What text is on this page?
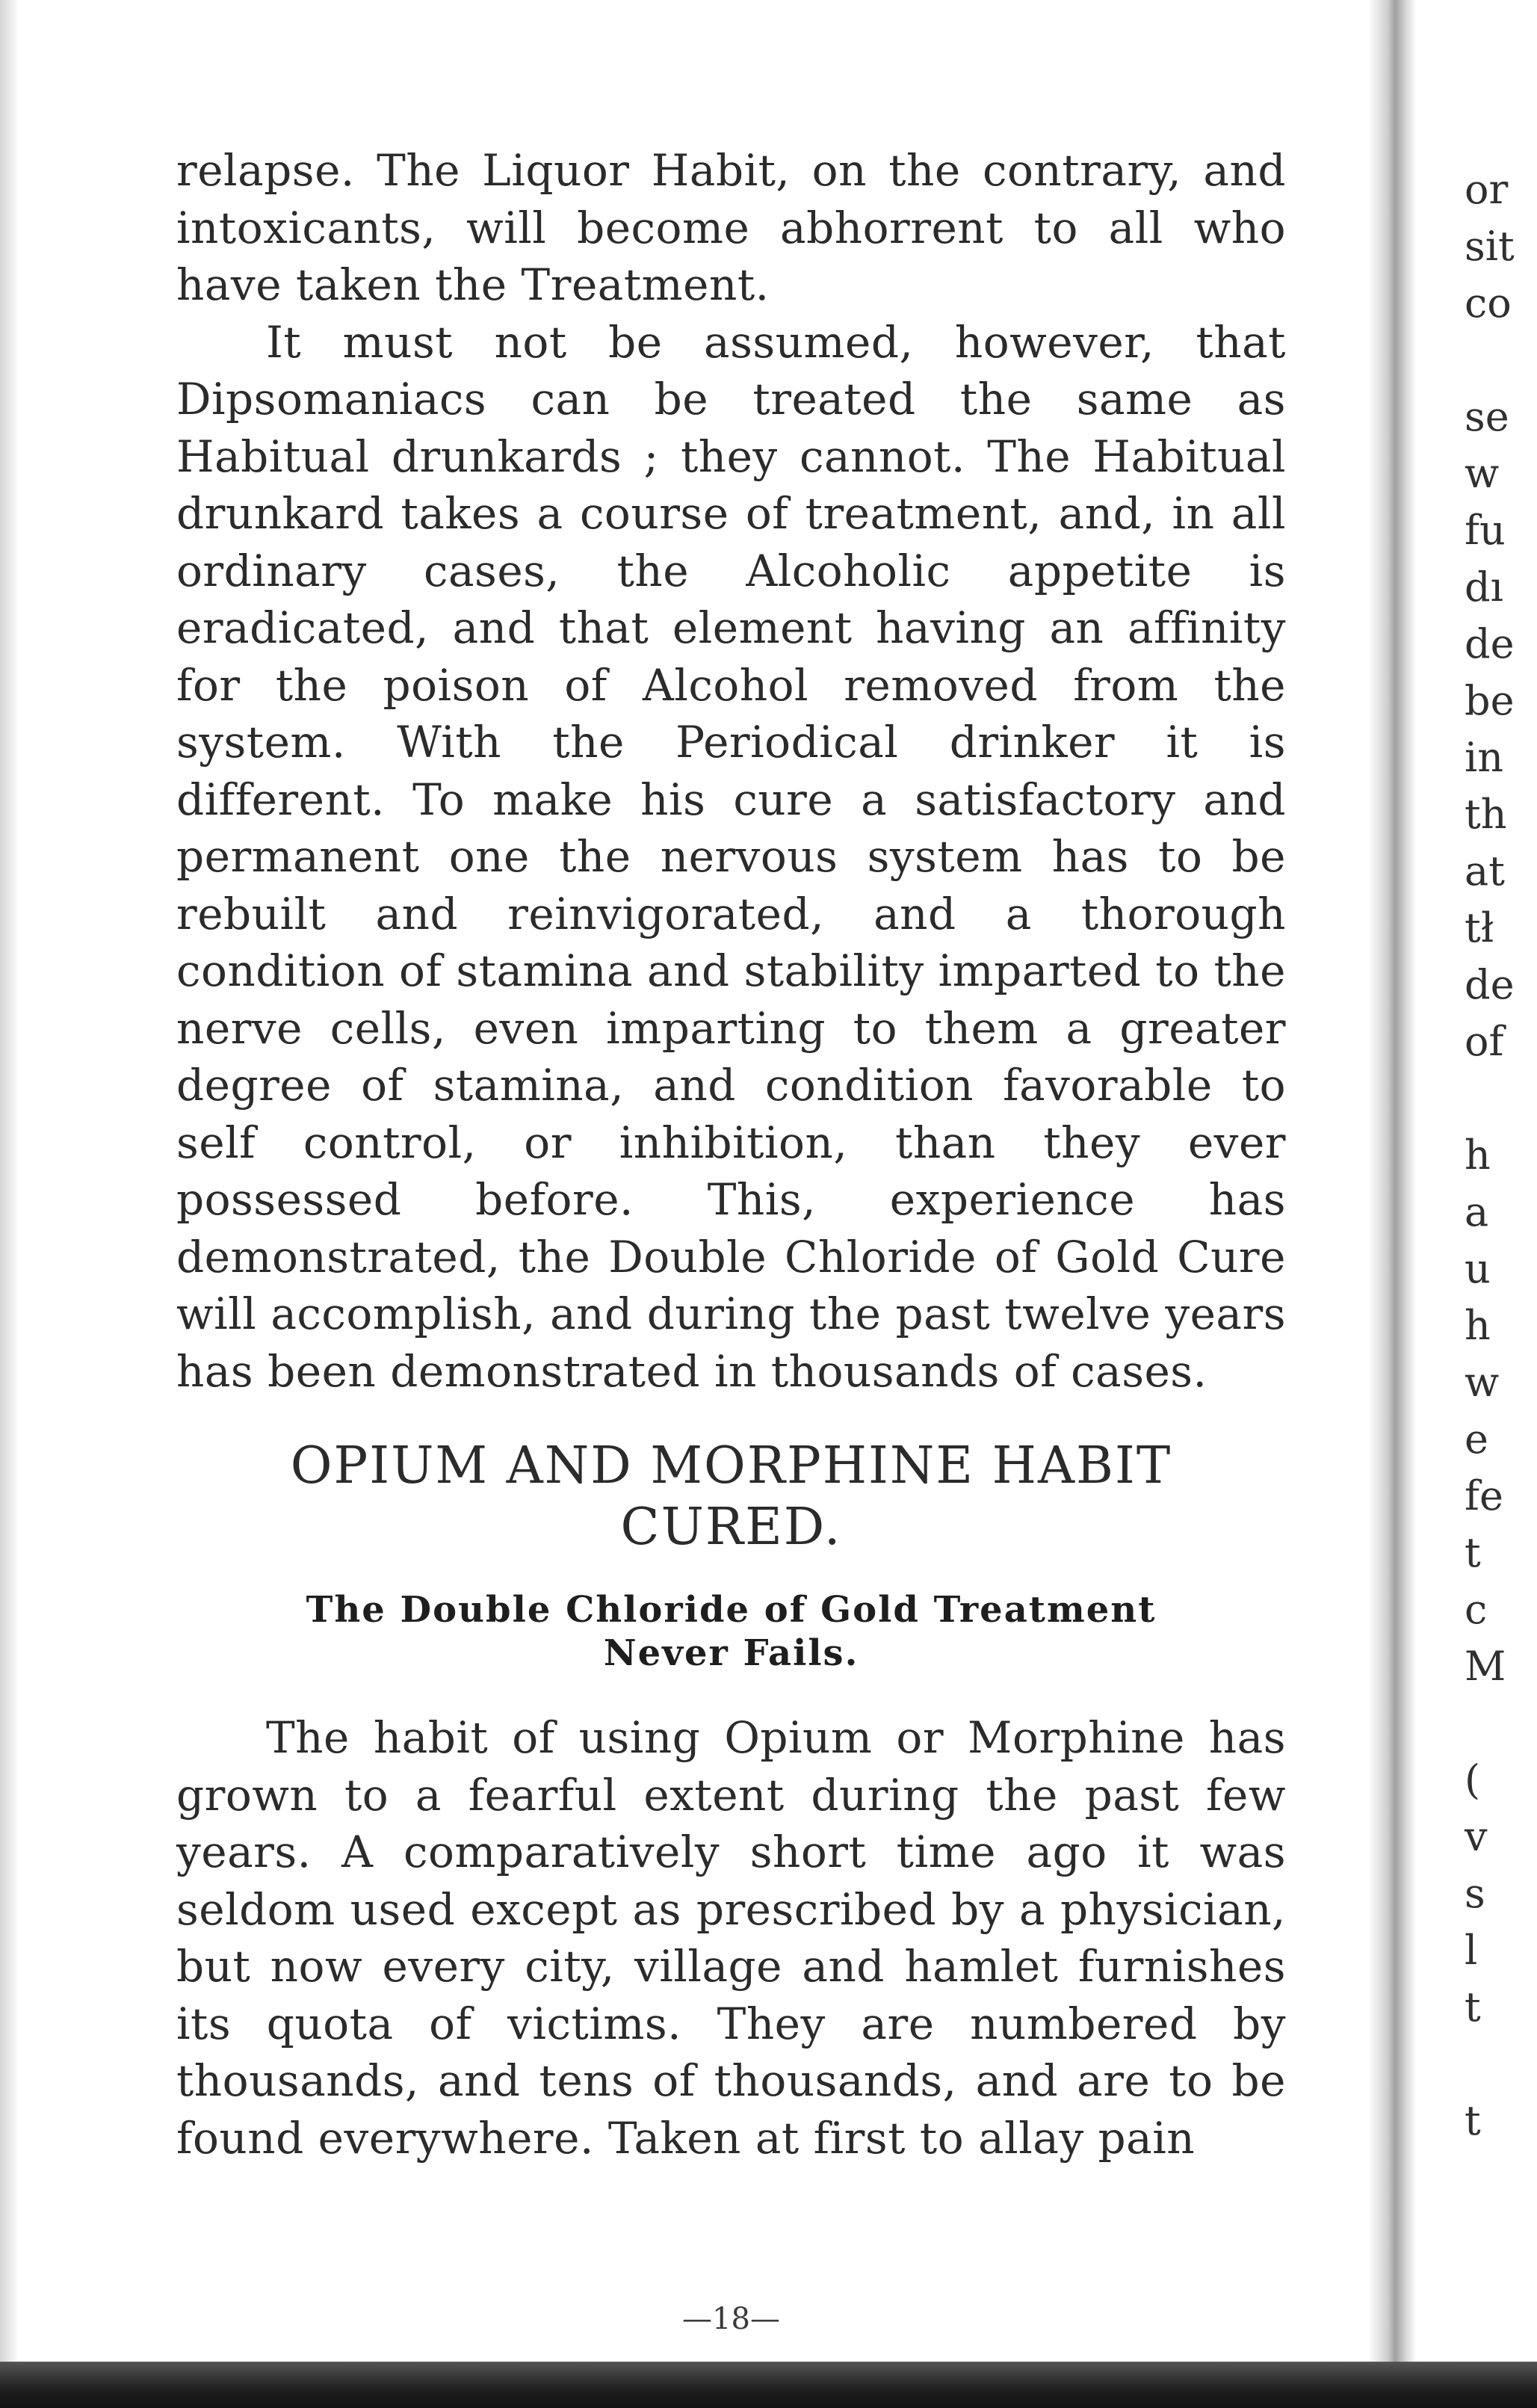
relapse. The Liquor Habit, on the contrary, and intoxicants, will become abhorrent to all who have taken the Treatment.

It must not be assumed, however, that Dipsomaniacs can be treated the same as Habitual drunkards ; they cannot. The Habitual drunkard takes a course of treatment, and, in all ordinary cases, the Alcoholic appetite is eradicated, and that element having an affinity for the poison of Alcohol removed from the system. With the Periodical drinker it is different. To make his cure a satisfactory and permanent one the nervous system has to be rebuilt and reinvigorated, and a thorough condition of stamina and stability imparted to the nerve cells, even imparting to them a greater degree of stamina, and condition favorable to self control, or inhibition, than they ever possessed before. This, experience has demonstrated, the Double Chloride of Gold Cure will accomplish, and during the past twelve years has been demonstrated in thousands of cases.

OPIUM AND MORPHINE HABIT
CURED.
The Double Chloride of Gold Treatment
Never Fails.

The habit of using Opium or Morphine has grown to a fearful extent during the past few years. A comparatively short time ago it was seldom used except as prescribed by a physician, but now every city, village and hamlet furnishes its quota of victims. They are numbered by thousands, and tens of thousands, and are to be found everywhere. Taken at first to allay pain

—18—
or
sit
co
se
w
fu
dı
de
be
in
th
at
tł
de
of
h
a
u
h
w
e
fe
t
c
M
(
v
s
l
t
t
